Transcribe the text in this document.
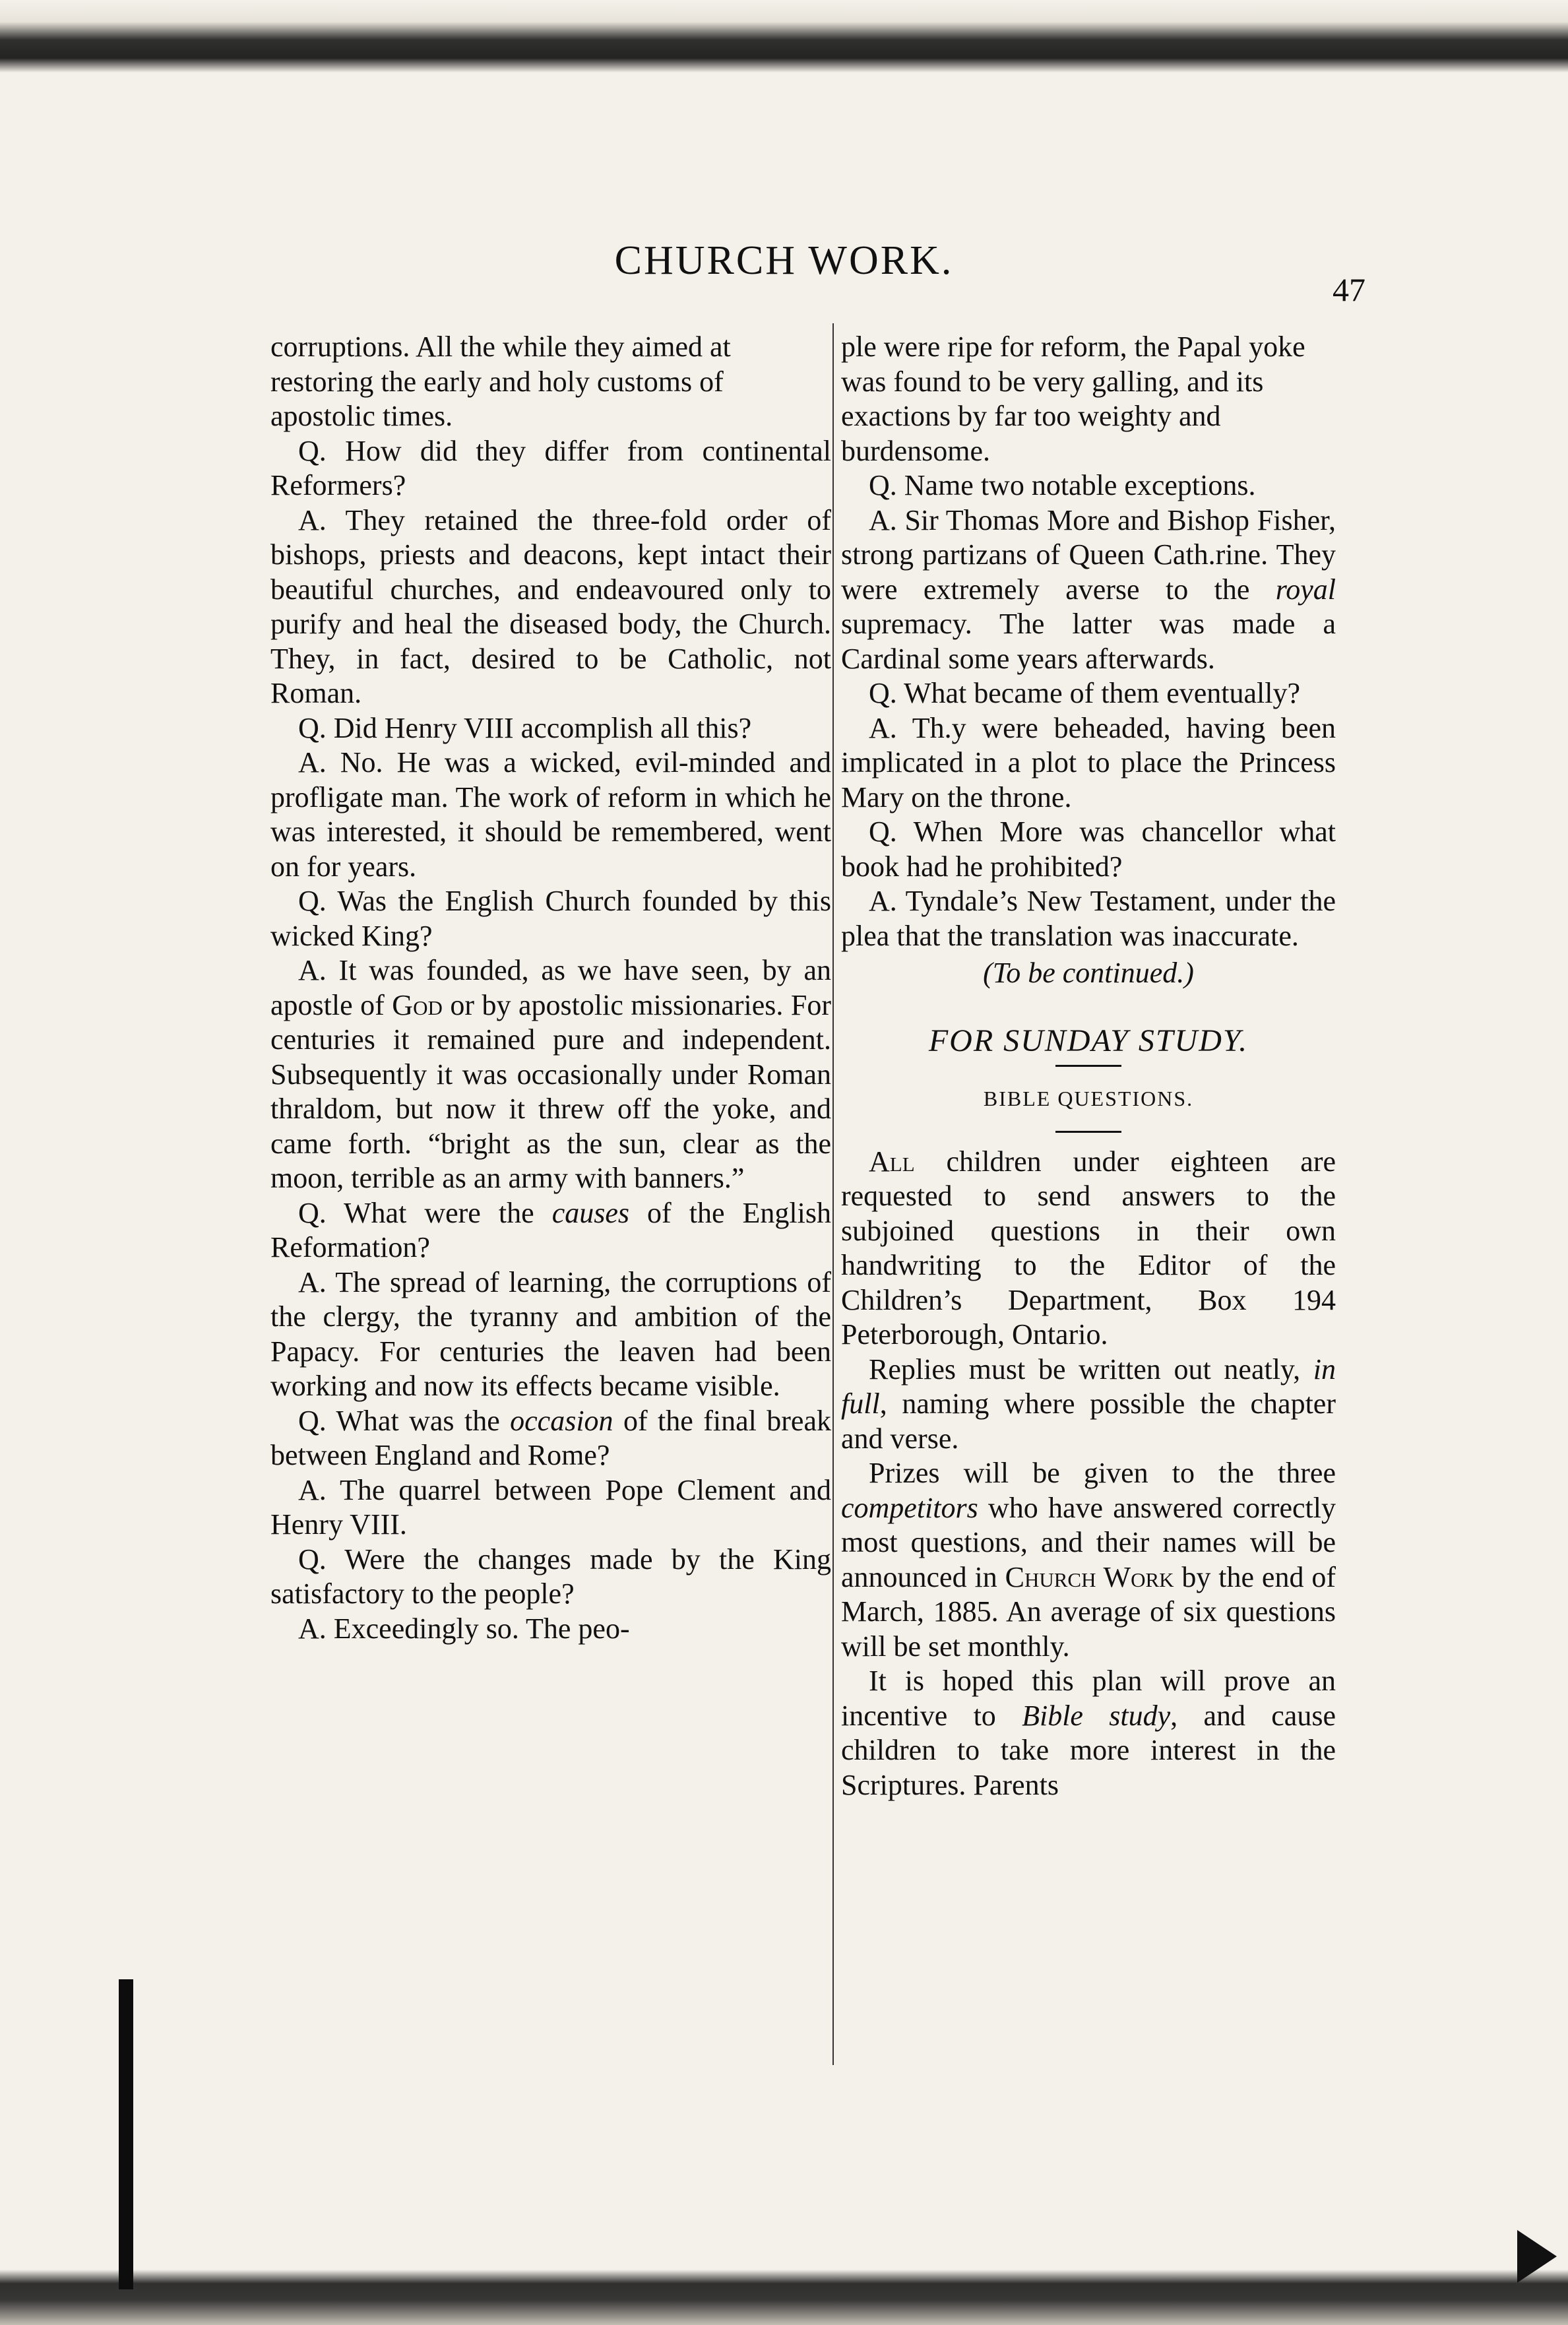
CHURCH WORK.
47

corruptions. All the while they aimed at restoring the early and holy customs of apostolic times.

Q. How did they differ from continental Reformers?

A. They retained the three-fold order of bishops, priests and deacons, kept intact their beautiful churches, and endeavoured only to purify and heal the diseased body, the Church. They, in fact, desired to be Catholic, not Roman.

Q. Did Henry VIII accomplish all this?

A. No. He was a wicked, evil-minded and profligate man. The work of reform in which he was interested, it should be remembered, went on for years.

Q. Was the English Church founded by this wicked King?

A. It was founded, as we have seen, by an apostle of God or by apostolic missionaries. For centuries it remained pure and independent. Subsequently it was occasionally under Roman thraldom, but now it threw off the yoke, and came forth. “bright as the sun, clear as the moon, terrible as an army with banners.”

Q. What were the causes of the English Reformation?

A. The spread of learning, the corruptions of the clergy, the tyranny and ambition of the Papacy. For centuries the leaven had been working and now its effects became visible.

Q. What was the occasion of the final break between England and Rome?

A. The quarrel between Pope Clement and Henry VIII.

Q. Were the changes made by the King satisfactory to the people?

A. Exceedingly so. The peo-

ple were ripe for reform, the Papal yoke was found to be very galling, and its exactions by far too weighty and burdensome.

Q. Name two notable exceptions.

A. Sir Thomas More and Bishop Fisher, strong partizans of Queen Cath.rine. They were extremely averse to the royal supremacy. The latter was made a Cardinal some years afterwards.

Q. What became of them eventually?

A. Th.y were beheaded, having been implicated in a plot to place the Princess Mary on the throne.

Q. When More was chancellor what book had he prohibited?

A. Tyndale’s New Testament, under the plea that the translation was inaccurate.

(To be continued.)

FOR SUNDAY STUDY.

BIBLE QUESTIONS.

All children under eighteen are requested to send answers to the subjoined questions in their own handwriting to the Editor of the Children’s Department, Box 194 Peterborough, Ontario.

Replies must be written out neatly, in full, naming where possible the chapter and verse.

Prizes will be given to the three competitors who have answered correctly most questions, and their names will be announced in Church Work by the end of March, 1885. An average of six questions will be set monthly.

It is hoped this plan will prove an incentive to Bible study, and cause children to take more interest in the Scriptures. Parents
